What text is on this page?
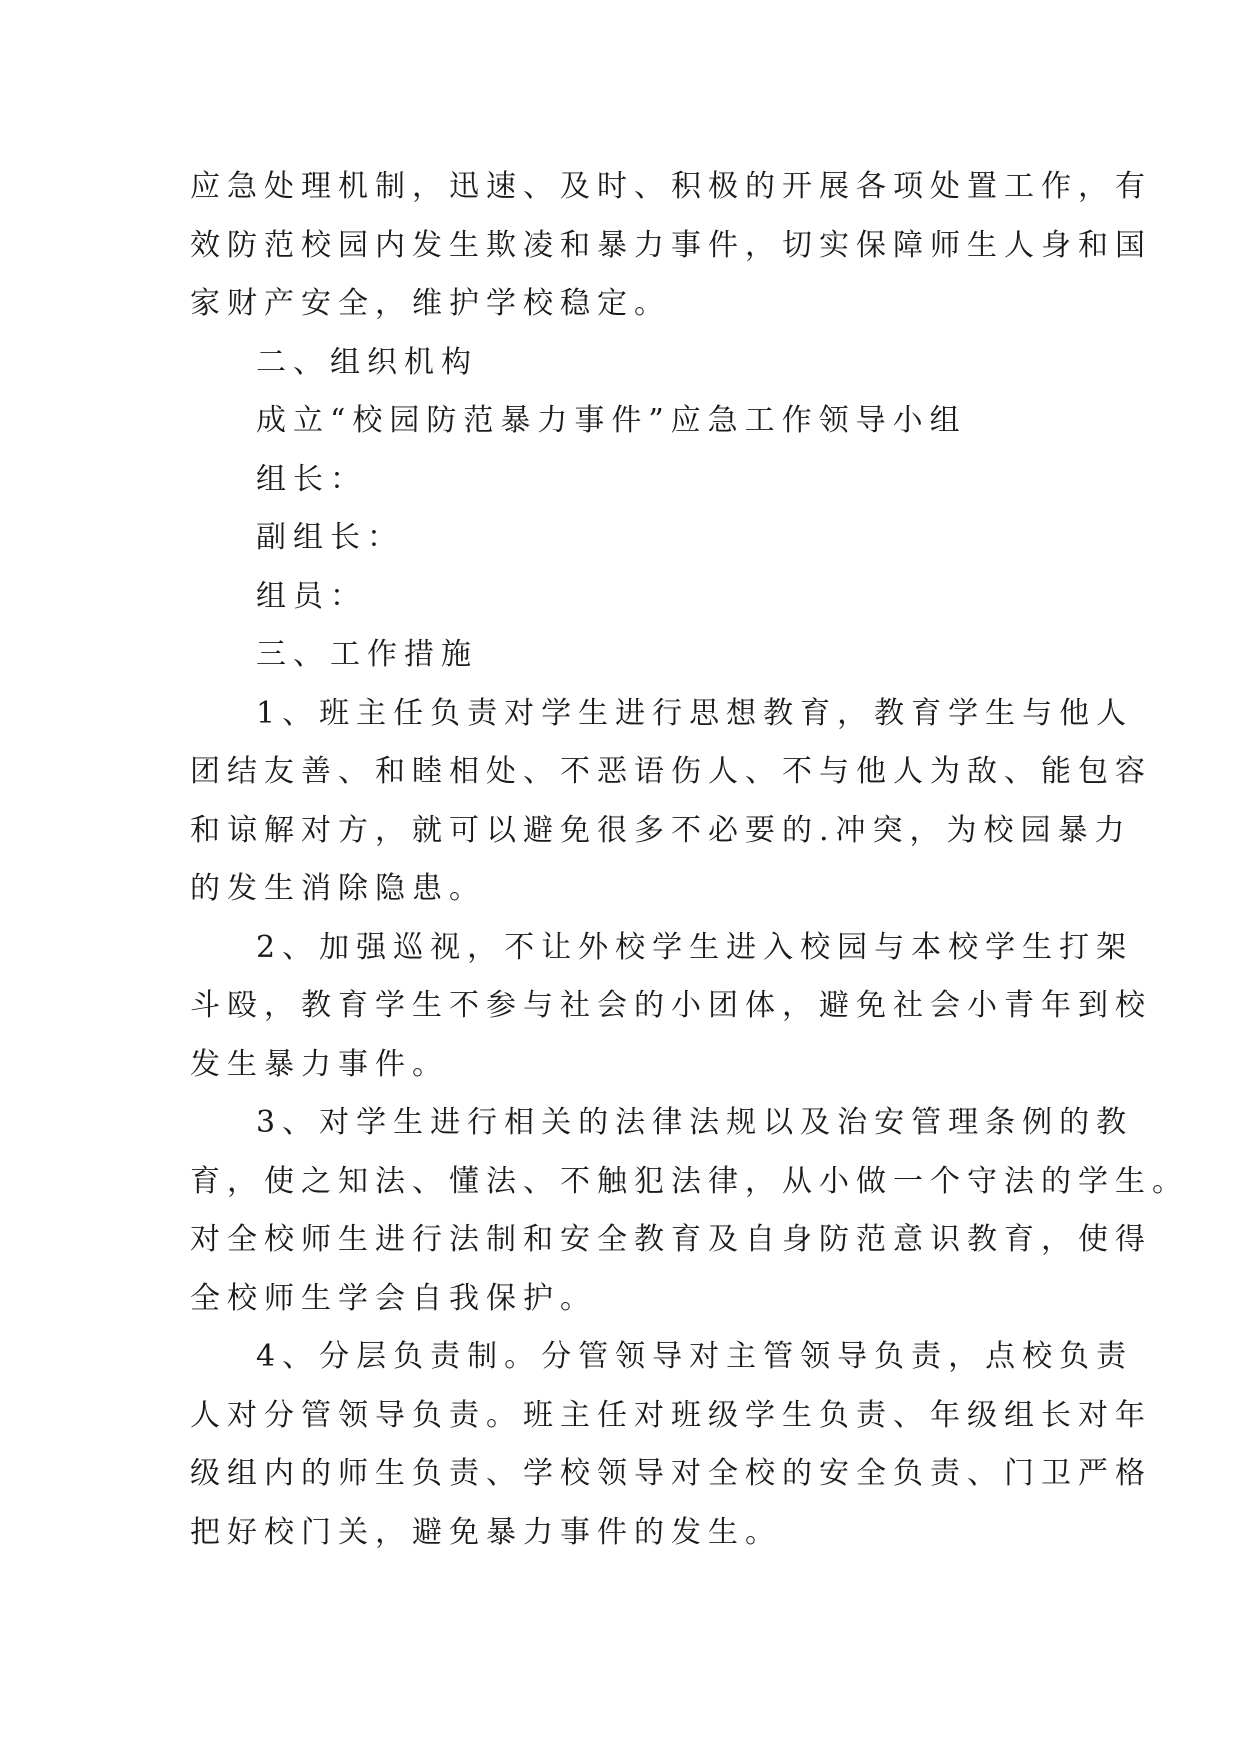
应急处理机制，迅速、及时、积极的开展各项处置工作，有
效防范校园内发生欺凌和暴力事件，切实保障师生人身和国
家财产安全，维护学校稳定。
二、组织机构
成立“校园防范暴力事件”应急工作领导小组
组长：
副组长：
组员：
三、工作措施
1、班主任负责对学生进行思想教育，教育学生与他人
团结友善、和睦相处、不恶语伤人、不与他人为敌、能包容
和谅解对方，就可以避免很多不必要的.冲突，为校园暴力
的发生消除隐患。
2、加强巡视，不让外校学生进入校园与本校学生打架
斗殴，教育学生不参与社会的小团体，避免社会小青年到校
发生暴力事件。
3、对学生进行相关的法律法规以及治安管理条例的教
育，使之知法、懂法、不触犯法律，从小做一个守法的学生。
对全校师生进行法制和安全教育及自身防范意识教育，使得
全校师生学会自我保护。
4、分层负责制。分管领导对主管领导负责，点校负责
人对分管领导负责。班主任对班级学生负责、年级组长对年
级组内的师生负责、学校领导对全校的安全负责、门卫严格
把好校门关，避免暴力事件的发生。
